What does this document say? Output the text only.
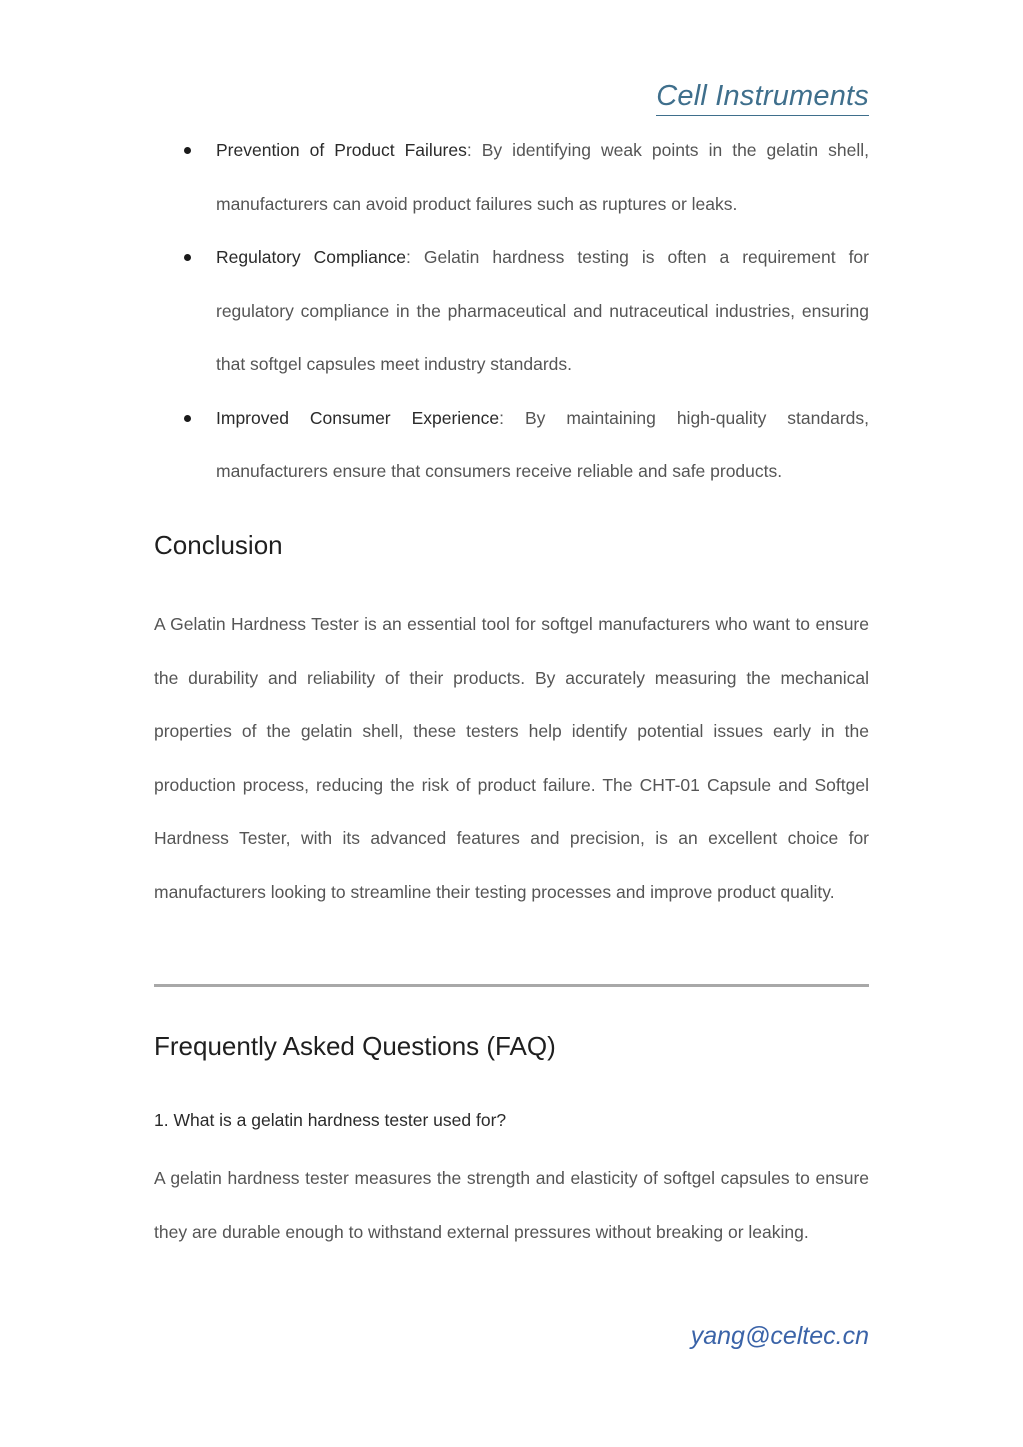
Cell Instruments
Prevention of Product Failures: By identifying weak points in the gelatin shell, manufacturers can avoid product failures such as ruptures or leaks.
Regulatory Compliance: Gelatin hardness testing is often a requirement for regulatory compliance in the pharmaceutical and nutraceutical industries, ensuring that softgel capsules meet industry standards.
Improved Consumer Experience: By maintaining high-quality standards, manufacturers ensure that consumers receive reliable and safe products.
Conclusion

A Gelatin Hardness Tester is an essential tool for softgel manufacturers who want to ensure the durability and reliability of their products. By accurately measuring the mechanical properties of the gelatin shell, these testers help identify potential issues early in the production process, reducing the risk of product failure. The CHT-01 Capsule and Softgel Hardness Tester, with its advanced features and precision, is an excellent choice for manufacturers looking to streamline their testing processes and improve product quality.

Frequently Asked Questions (FAQ)

1. What is a gelatin hardness tester used for?

A gelatin hardness tester measures the strength and elasticity of softgel capsules to ensure they are durable enough to withstand external pressures without breaking or leaking.

yang@celtec.cn
